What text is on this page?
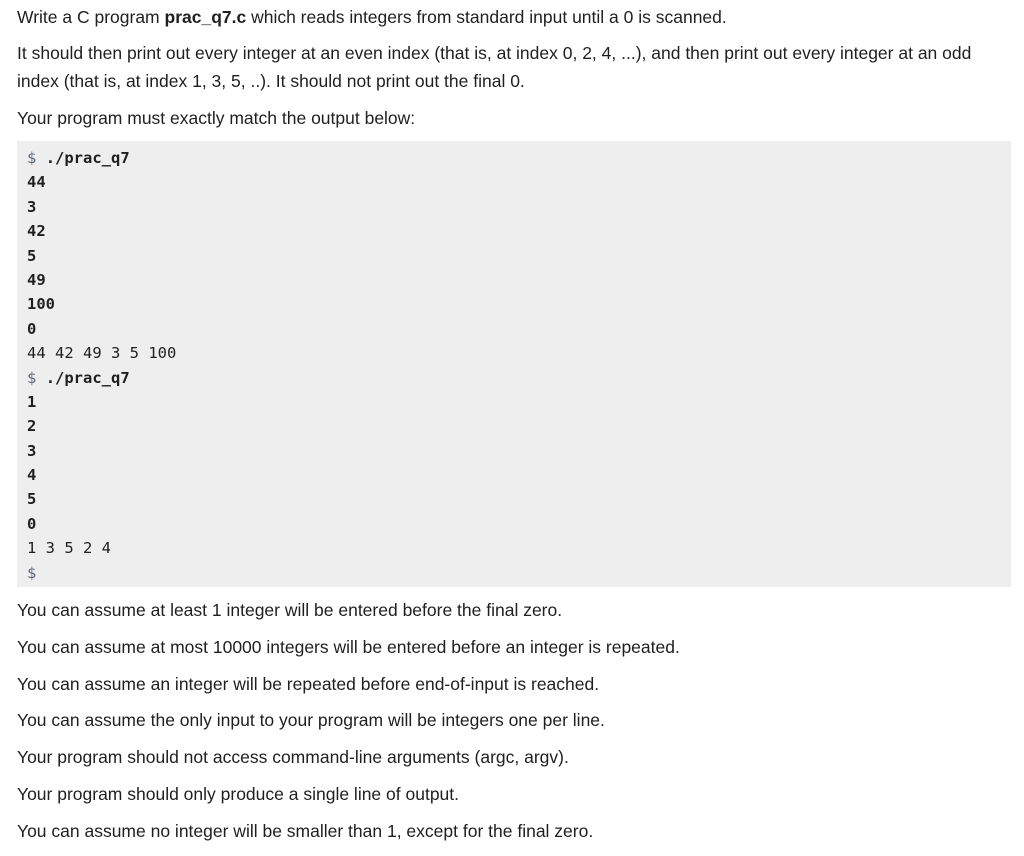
Write a C program prac_q7.c which reads integers from standard input until a 0 is scanned.

It should then print out every integer at an even index (that is, at index 0, 2, 4, ...), and then print out every integer at an odd index (that is, at index 1, 3, 5, ..). It should not print out the final 0.

Your program must exactly match the output below:

$ ./prac_q7
44
3
42
5
49
100
0
44 42 49 3 5 100
$ ./prac_q7
1
2
3
4
5
0
1 3 5 2 4
$

You can assume at least 1 integer will be entered before the final zero.

You can assume at most 10000 integers will be entered before an integer is repeated.

You can assume an integer will be repeated before end-of-input is reached.

You can assume the only input to your program will be integers one per line.

Your program should not access command-line arguments (argc, argv).

Your program should only produce a single line of output.

You can assume no integer will be smaller than 1, except for the final zero.
